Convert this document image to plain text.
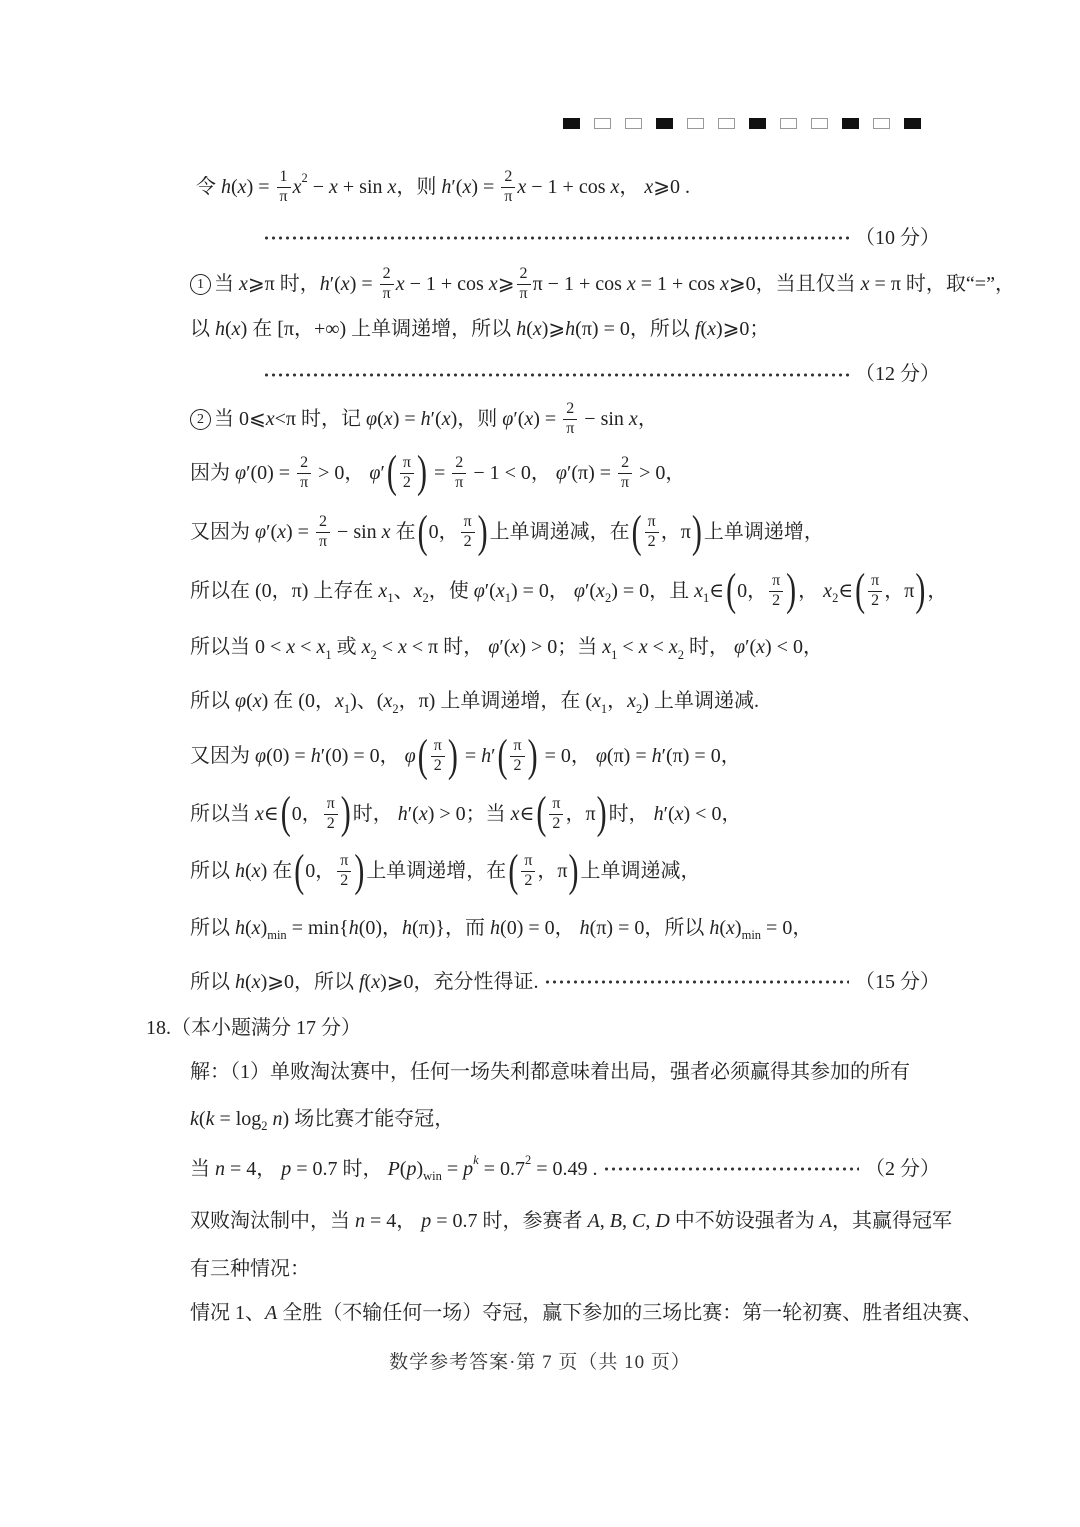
令 h ( x ) = $\frac{1}{\pi}$ x 2 − x + sin x ，则 h ′( x ) = $\frac{2}{\pi}$ x − 1 + cos x ， x ⩾0 .
（10 分）
1 当 x ⩾π 时， h ′( x ) = $\frac{2}{\pi}$ x − 1 + cos x ⩾ $\frac{2}{\pi}$ π − 1 + cos x = 1 + cos x ⩾0，当且仅当 x = π 时，取“=”，
以 h ( x ) 在 [π，+∞) 上单调递增，所以 h ( x )⩾ h (π) = 0，所以 f ( x )⩾0；
（12 分）
2 当 0⩽ x <π 时，记 φ ( x ) = h ′( x )，则 φ ′( x ) = $\frac{2}{\pi} - \sin x$ ，
因为 φ $'(0) = \frac{2}{\pi} > 0$， φ ′ ( $\frac{\pi}{2}$ ) = $\frac{2}{\pi} - 1 < 0$， φ $'(\pi) = \frac{2}{\pi} > 0$，
又因为 φ ′( x ) = $\frac{2}{\pi} - \sin x$ 在 ( 0， $\frac{\pi}{2}$ ) 上单调递减，在 ( $\frac{\pi}{2}$ ，π ) 上单调递增，
所以在 (0，π) 上存在 x 1 、 x 2 ，使 φ ′( x 1 ) = 0， φ ′( x 2 ) = 0，且 x 1 ∈ ( 0， $\frac{\pi}{2}$ ) ， x 2 ∈ ( $\frac{\pi}{2}$ ，π ) ，
所以当 0 < x < x 1 或 x 2 < x < π 时， φ ′( x ) > 0；当 x 1 < x < x 2 时， φ ′( x ) < 0，
所以 φ ( x ) 在 (0， x 1 )、( x 2 ，π) 上单调递增，在 ( x 1 ， x 2 ) 上单调递减.
又因为 φ (0) = h ′(0) = 0， φ ( $\frac{\pi}{2}$ ) = h ′ ( $\frac{\pi}{2}$ ) = 0， φ (π) = h ′(π) = 0，
所以当 x ∈ ( 0， $\frac{\pi}{2}$ ) 时， h ′( x ) > 0；当 x ∈ ( $\frac{\pi}{2}$ ，π ) 时， h ′( x ) < 0，
所以 h ( x ) 在 ( 0， $\frac{\pi}{2}$ ) 上单调递增，在 ( $\frac{\pi}{2}$ ，π ) 上单调递减，
所以 h ( x ) min = min{ h (0)， h (π)}，而 h (0) = 0， h (π) = 0，所以 h ( x ) min = 0，
所以 h ( x )⩾0，所以 f ( x )⩾0，充分性得证.	（15 分）
18.（本小题满分 17 分）
解：（1）单败淘汰赛中，任何一场失利都意味着出局，强者必须赢得其参加的所有
k ( k = log 2
n ) 场比赛才能夺冠，
当 n = 4， p = 0.7 时， P ( p ) win = p k = 0.7 2 = 0.49 .	（2 分）
双败淘汰制中，当 n = 4， p = 0.7 时，参赛者 A , B , C , D 中不妨设强者为 A ，其赢得冠军
有三种情况：
情况 1、 A 全胜（不输任何一场）夺冠，赢下参加的三场比赛：第一轮初赛、胜者组决赛、
数学参考答案·第 7 页（共 10 页）
